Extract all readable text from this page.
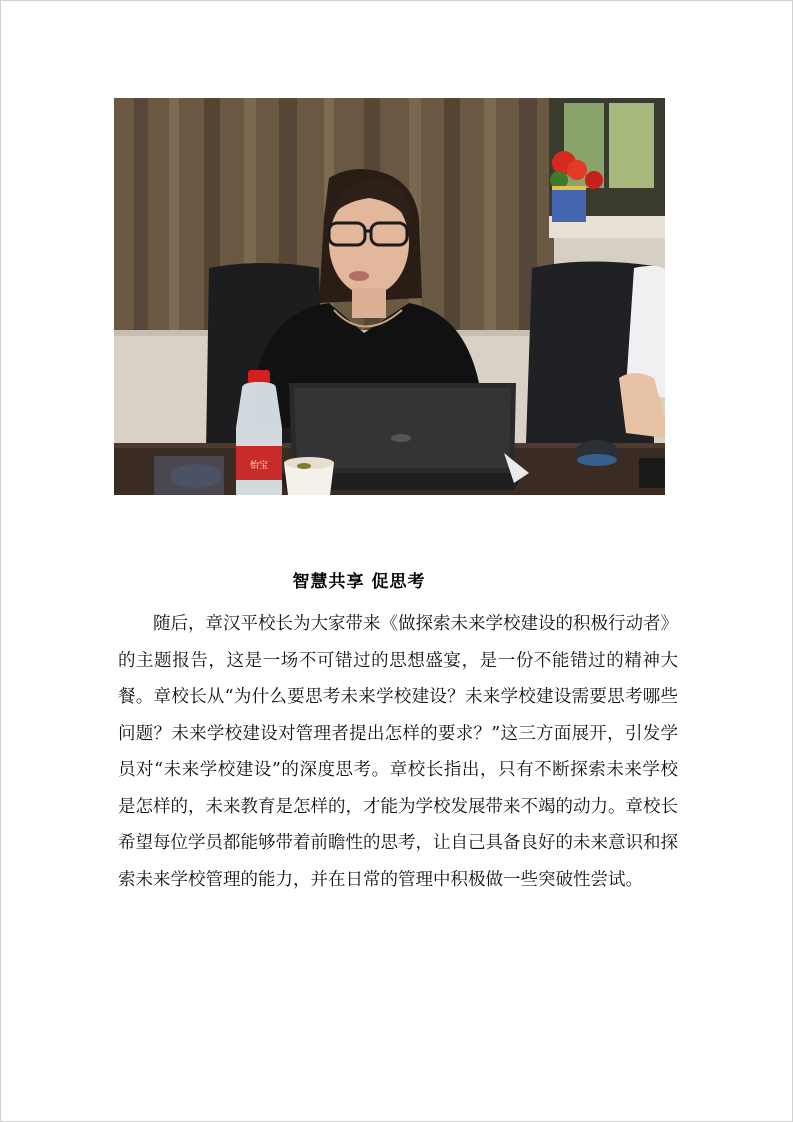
怡宝
智慧共享 促思考

随后，章汉平校长为大家带来《做探索未来学校建设的积极行动者》的主题报告，这是一场不可错过的思想盛宴，是一份不能错过的精神大餐。章校长从“为什么要思考未来学校建设？未来学校建设需要思考哪些问题？未来学校建设对管理者提出怎样的要求？”这三方面展开，引发学员对“未来学校建设”的深度思考。章校长指出，只有不断探索未来学校是怎样的，未来教育是怎样的，才能为学校发展带来不竭的动力。章校长希望每位学员都能够带着前瞻性的思考，让自己具备良好的未来意识和探索未来学校管理的能力，并在日常的管理中积极做一些突破性尝试。
